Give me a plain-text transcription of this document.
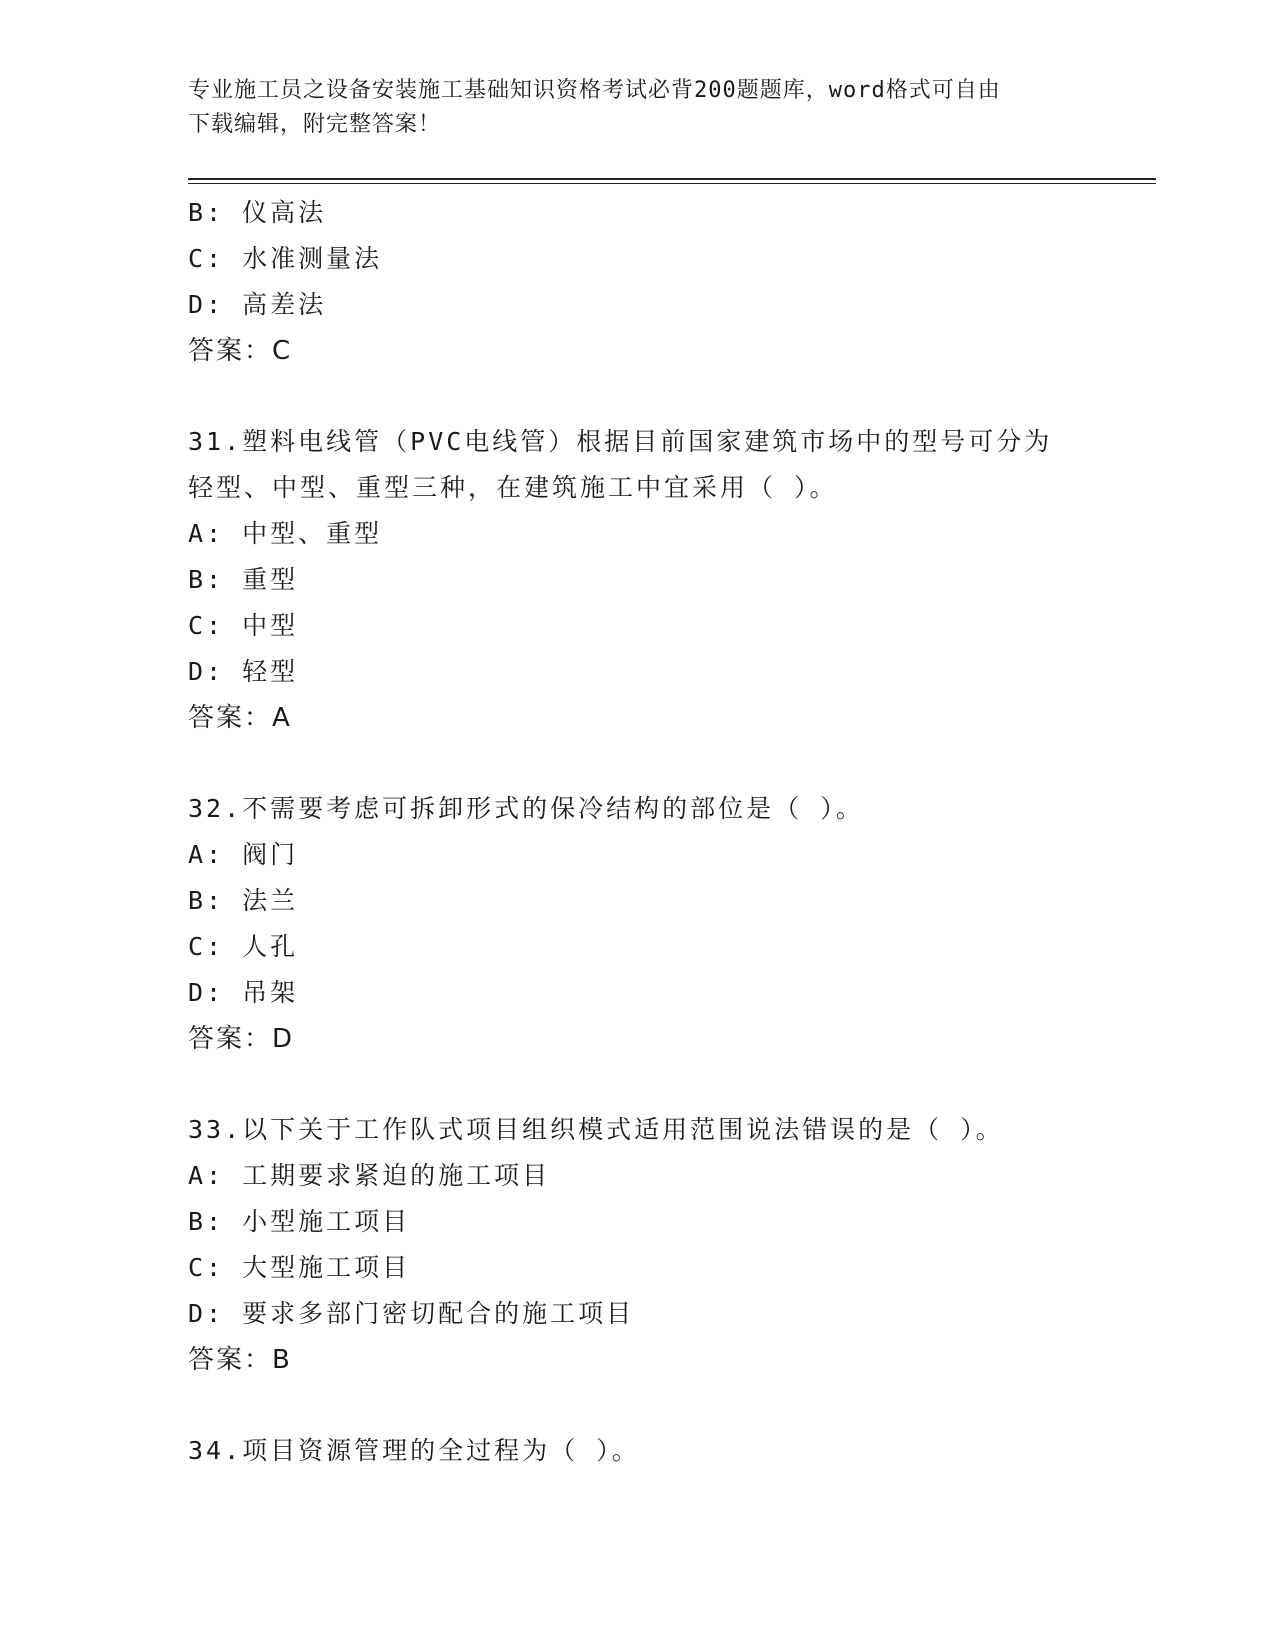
专业施工员之设备安装施工基础知识资格考试必背200题题库，word格式可自由
下载编辑，附完整答案！
B: 仪高法
C: 水准测量法
D: 高差法
答案：C
31.塑料电线管（PVC电线管）根据目前国家建筑市场中的型号可分为
轻型、中型、重型三种，在建筑施工中宜采用（ ）。
A: 中型、重型
B: 重型
C: 中型
D: 轻型
答案：A
32.不需要考虑可拆卸形式的保冷结构的部位是（ ）。
A: 阀门
B: 法兰
C: 人孔
D: 吊架
答案：D
33.以下关于工作队式项目组织模式适用范围说法错误的是（ ）。
A: 工期要求紧迫的施工项目
B: 小型施工项目
C: 大型施工项目
D: 要求多部门密切配合的施工项目
答案：B
34.项目资源管理的全过程为（ ）。
